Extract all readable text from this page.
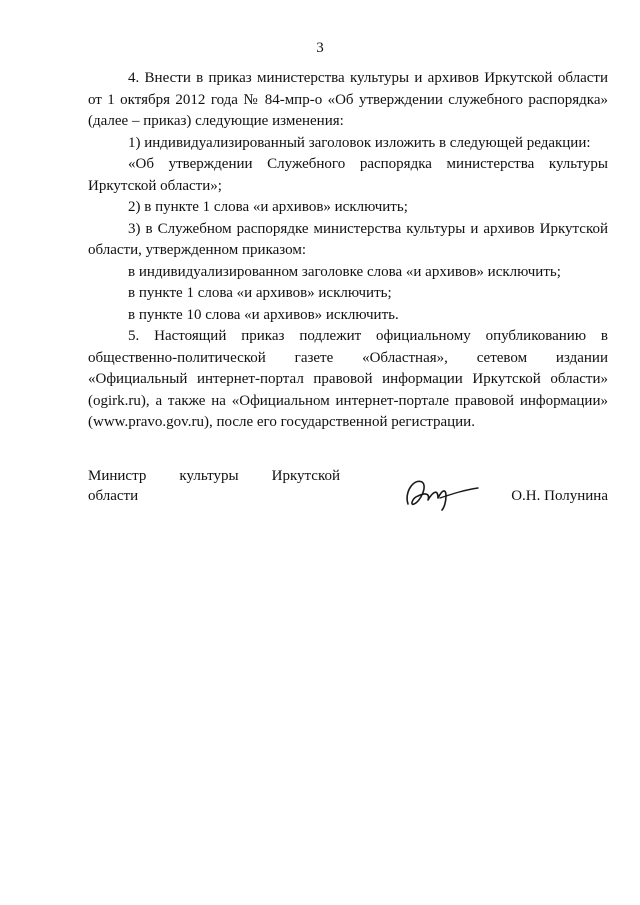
3

4. Внести в приказ министерства культуры и архивов Иркутской области от 1 октября 2012 года № 84-мпр-о «Об утверждении служебного распорядка» (далее – приказ) следующие изменения:

1) индивидуализированный заголовок изложить в следующей редакции:

«Об утверждении Служебного распорядка министерства культуры Иркутской области»;

2) в пункте 1 слова «и архивов» исключить;

3) в Служебном распорядке министерства культуры и архивов Иркутской области, утвержденном приказом:

в индивидуализированном заголовке слова «и архивов» исключить;

в пункте 1 слова «и архивов» исключить;

в пункте 10 слова «и архивов» исключить.

5. Настоящий приказ подлежит официальному опубликованию в общественно-политической газете «Областная», сетевом издании «Официальный интернет-портал правовой информации Иркутской области» (ogirk.ru), а также на «Официальном интернет-портале правовой информации» (www.pravo.gov.ru), после его государственной регистрации.

Министр культуры Иркутской
области	О.Н. Полунина
